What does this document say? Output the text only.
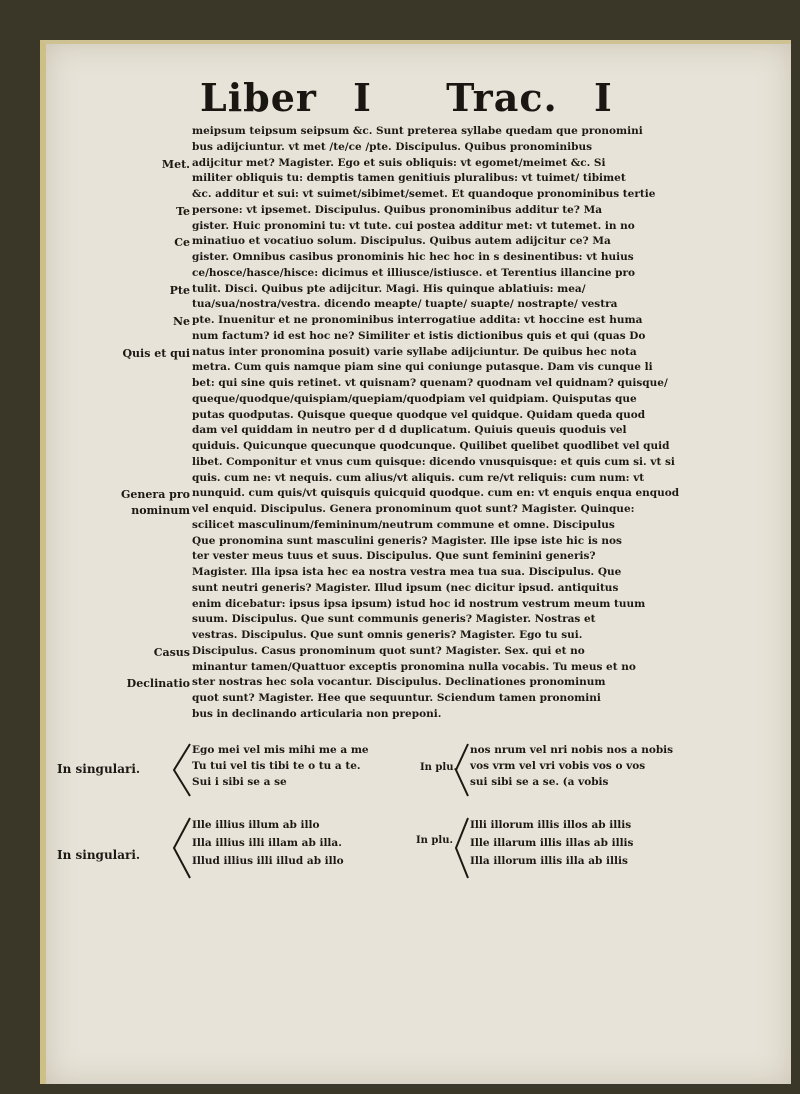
Liber I Trac. I
meipsum teipsum seipsum &c. Sunt preterea syllabe quedam que pronomini
bus adijciuntur. vt met /te/ce /pte. Discipulus. Quibus pronominibus
adijcitur met? Magister. Ego et suis obliquis: vt egomet/meimet &c. Si
militer obliquis tu: demptis tamen genitiuis pluralibus: vt tuimet/ tibimet
&c. additur et sui: vt suimet/sibimet/semet. Et quandoque pronominibus tertie
persone: vt ipsemet. Discipulus. Quibus pronominibus additur te? Ma
gister. Huic pronomini tu: vt tute. cui postea additur met: vt tutemet. in no
minatiuo et vocatiuo solum. Discipulus. Quibus autem adijcitur ce? Ma
gister. Omnibus casibus pronominis hic hec hoc in s desinentibus: vt huius
ce/hosce/hasce/hisce: dicimus et illiusce/istiusce. et Terentius illancine pro
tulit. Disci. Quibus pte adijcitur. Magi. His quinque ablatiuis: mea/
tua/sua/nostra/vestra. dicendo meapte/ tuapte/ suapte/ nostrapte/ vestra
pte. Inuenitur et ne pronominibus interrogatiue addita: vt hoccine est huma
num factum? id est hoc ne? Similiter et istis dictionibus quis et qui (quas Do
natus inter pronomina posuit) varie syllabe adijciuntur. De quibus hec nota
metra. Cum quis namque piam sine qui coniunge putasque. Dam vis cunque li
bet: qui sine quis retinet. vt quisnam? quenam? quodnam vel quidnam? quisque/
queque/quodque/quispiam/quepiam/quodpiam vel quidpiam. Quisputas que
putas quodputas. Quisque queque quodque vel quidque. Quidam queda quod
dam vel quiddam in neutro per d d duplicatum. Quiuis queuis quoduis vel
quiduis. Quicunque quecunque quodcunque. Quilibet quelibet quodlibet vel quid
libet. Componitur et vnus cum quisque: dicendo vnusquisque: et quis cum si. vt si
quis. cum ne: vt nequis. cum alius/vt aliquis. cum re/vt reliquis: cum num: vt
nunquid. cum quis/vt quisquis quicquid quodque. cum en: vt enquis enqua enquod
vel enquid. Discipulus. Genera pronominum quot sunt? Magister. Quinque:
scilicet masculinum/femininum/neutrum commune et omne. Discipulus
Que pronomina sunt masculini generis? Magister. Ille ipse iste hic is nos
ter vester meus tuus et suus. Discipulus. Que sunt feminini generis?
Magister. Illa ipsa ista hec ea nostra vestra mea tua sua. Discipulus. Que
sunt neutri generis? Magister. Illud ipsum (nec dicitur ipsud. antiquitus
enim dicebatur: ipsus ipsa ipsum) istud hoc id nostrum vestrum meum tuum
suum. Discipulus. Que sunt communis generis? Magister. Nostras et
vestras. Discipulus. Que sunt omnis generis? Magister. Ego tu sui.
Discipulus. Casus pronominum quot sunt? Magister. Sex. qui et no
minantur tamen/Quattuor exceptis pronomina nulla vocabis. Tu meus et no
ster nostras hec sola vocantur. Discipulus. Declinationes pronominum
quot sunt? Magister. Hee que sequuntur. Sciendum tamen pronomini
bus in declinando articularia non preponi.
Met.
Te
Ce
Pte
Ne
Quis et qui
Genera pro
nominum
Casus
Declinatio
In singulari.
Ego mei vel mis mihi me a me
Tu tui vel tis tibi te o tu a te.
Sui i sibi se a se
In plu.
nos nrum vel nri nobis nos a nobis
vos vrm vel vri vobis vos o vos
sui sibi se a se. (a vobis
In singulari.
Ille illius illum ab illo
Illa illius illi illam ab illa.
Illud illius illi illud ab illo
In plu.
Illi illorum illis illos ab illis
Ille illarum illis illas ab illis
Illa illorum illis illa ab illis
